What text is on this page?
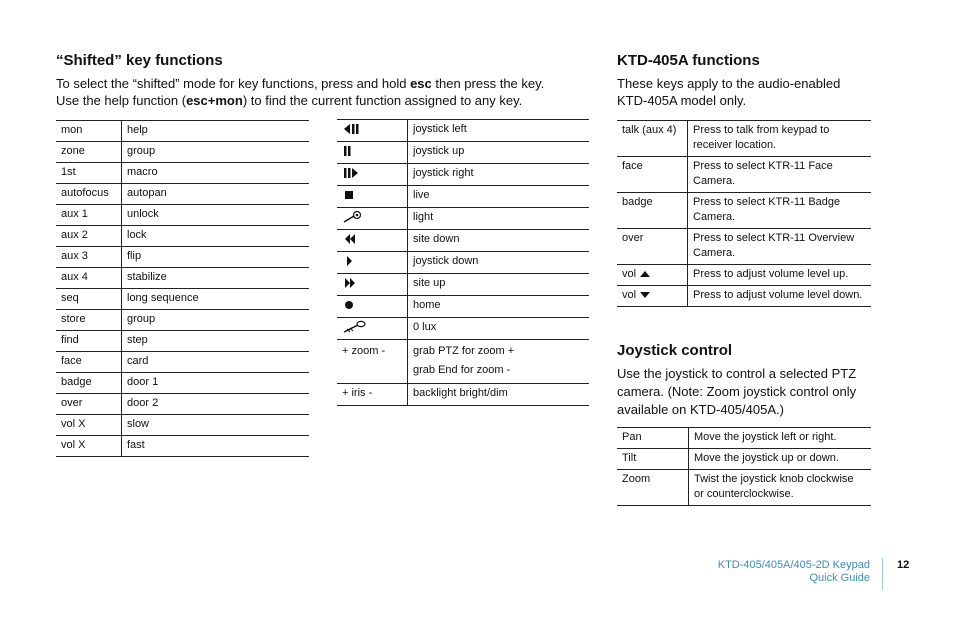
“Shifted” key functions
To select the “shifted” mode for key functions, press and hold esc then press the key.
Use the help function (esc+mon) to find the current function assigned to any key.
mon	help
zone	group
1st	macro
autofocus	autopan
aux 1	unlock
aux 2	lock
aux 3	flip
aux 4	stabilize
seq	long sequence
store	group
find	step
face	card
badge	door 1
over	door 2
vol X	slow
vol X	fast
	joystick left
	joystick up
	joystick right
	live
	light
	site down
	joystick down
	site up
	home
	0 lux
+ zoom -	grab PTZ for zoom +
grab End for zoom -

+ iris -	backlight bright/dim
KTD-405A functions
These keys apply to the audio-enabled
KTD-405A model only.
talk (aux 4)	Press to talk from keypad to receiver location.
face	Press to select KTR-11 Face Camera.
badge	Press to select KTR-11 Badge Camera.
over	Press to select KTR-11 Overview Camera.
vol	Press to adjust volume level up.
vol	Press to adjust volume level down.
Joystick control
Use the joystick to control a selected PTZ
camera. (Note: Zoom joystick control only
available on KTD-405/405A.)
Pan	Move the joystick left or right.
Tilt	Move the joystick up or down.
Zoom	Twist the joystick knob clockwise or counterclockwise.
KTD-405/405A/405-2D Keypad
Quick Guide
12
